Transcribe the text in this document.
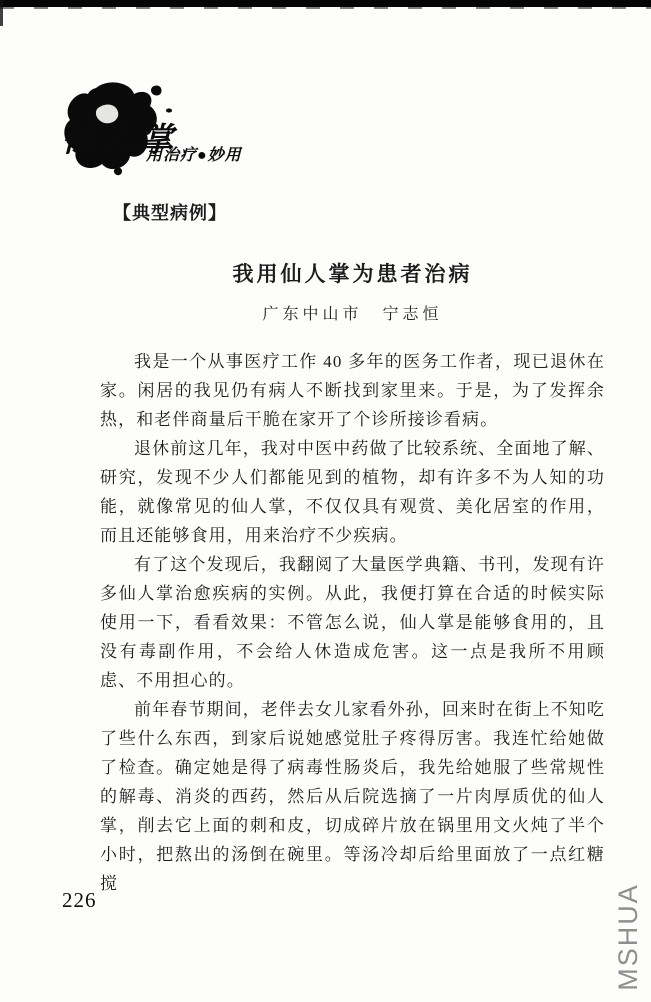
仙人掌
用治疗●妙用
【典型病例】
我用仙人掌为患者治病
广东中山市　宁志恒

我是一个从事医疗工作 40 多年的医务工作者，现已退休在家。闲居的我见仍有病人不断找到家里来。于是，为了发挥余热，和老伴商量后干脆在家开了个诊所接诊看病。

退休前这几年，我对中医中药做了比较系统、全面地了解、研究，发现不少人们都能见到的植物，却有许多不为人知的功能，就像常见的仙人掌，不仅仅具有观赏、美化居室的作用，而且还能够食用，用来治疗不少疾病。

有了这个发现后，我翻阅了大量医学典籍、书刊，发现有许多仙人掌治愈疾病的实例。从此，我便打算在合适的时候实际使用一下，看看效果：不管怎么说，仙人掌是能够食用的，且没有毒副作用，不会给人休造成危害。这一点是我所不用顾虑、不用担心的。

前年春节期间，老伴去女儿家看外孙，回来时在街上不知吃了些什么东西，到家后说她感觉肚子疼得厉害。我连忙给她做了检查。确定她是得了病毒性肠炎后，我先给她服了些常规性的解毒、消炎的西药，然后从后院选摘了一片肉厚质优的仙人掌，削去它上面的刺和皮，切成碎片放在锅里用文火炖了半个小时，把熬出的汤倒在碗里。等汤冷却后给里面放了一点红糖搅

226	MSHUA
